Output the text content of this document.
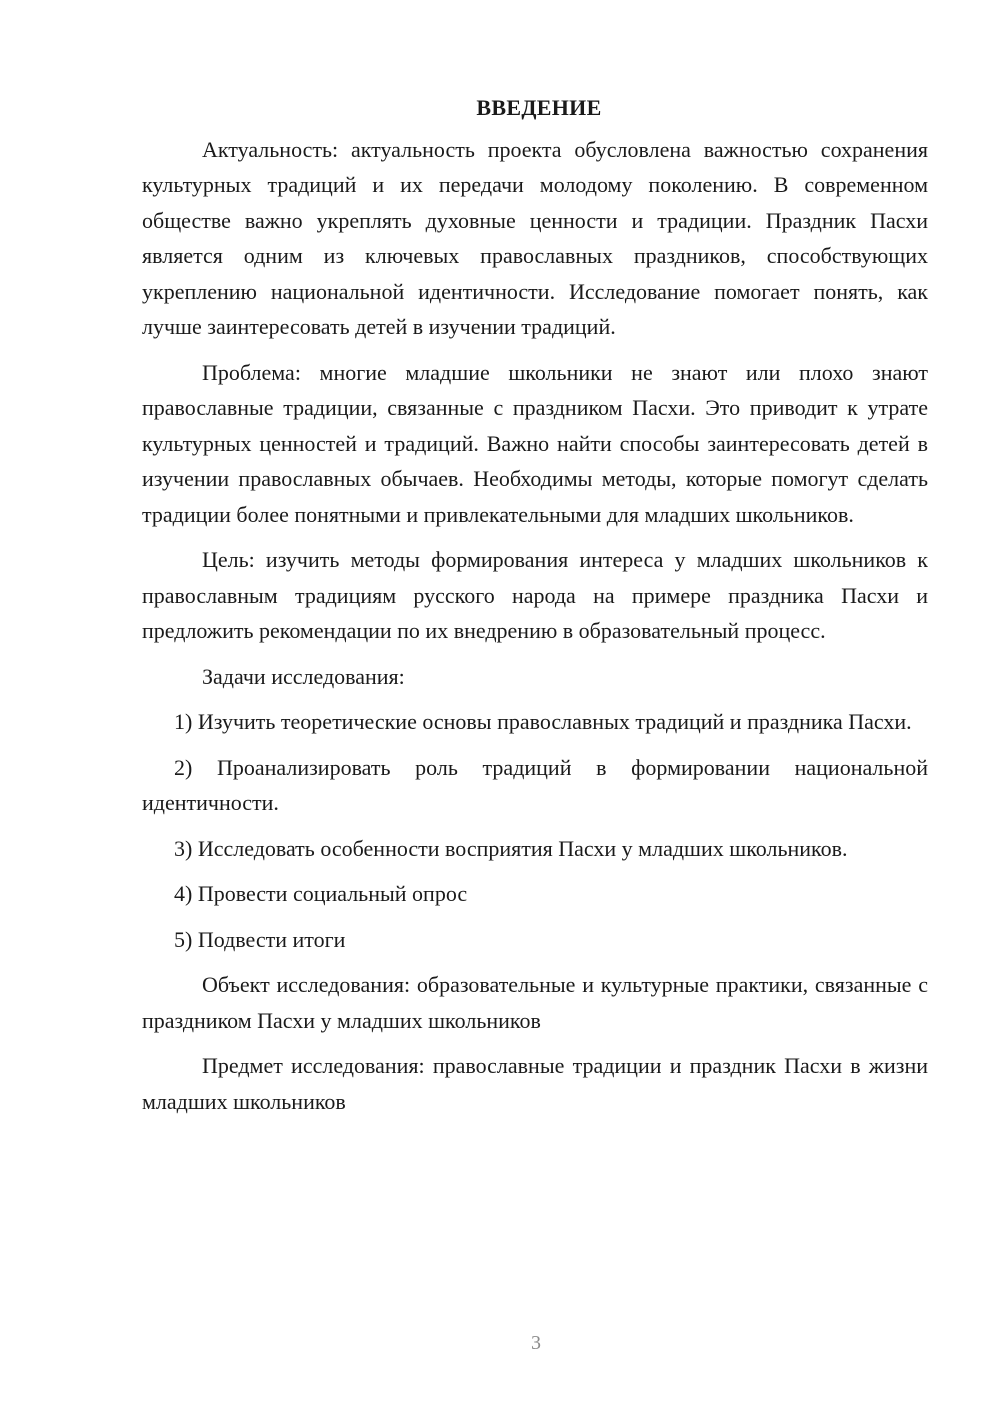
ВВЕДЕНИЕ

Актуальность: актуальность проекта обусловлена важностью сохранения культурных традиций и их передачи молодому поколению. В современном обществе важно укреплять духовные ценности и традиции. Праздник Пасхи является одним из ключевых православных праздников, способствующих укреплению национальной идентичности. Исследование помогает понять, как лучше заинтересовать детей в изучении традиций.

Проблема: многие младшие школьники не знают или плохо знают православные традиции, связанные с праздником Пасхи. Это приводит к утрате культурных ценностей и традиций. Важно найти способы заинтересовать детей в изучении православных обычаев. Необходимы методы, которые помогут сделать традиции более понятными и привлекательными для младших школьников.

Цель: изучить методы формирования интереса у младших школьников к православным традициям русского народа на примере праздника Пасхи и предложить рекомендации по их внедрению в образовательный процесс.

Задачи исследования:

1) Изучить теоретические основы православных традиций и праздника Пасхи.

2) Проанализировать роль традиций в формировании национальной идентичности.

3) Исследовать особенности восприятия Пасхи у младших школьников.

4) Провести социальный опрос

5) Подвести итоги

Объект исследования: образовательные и культурные практики, связанные с праздником Пасхи у младших школьников

Предмет исследования: православные традиции и праздник Пасхи в жизни младших школьников

3
